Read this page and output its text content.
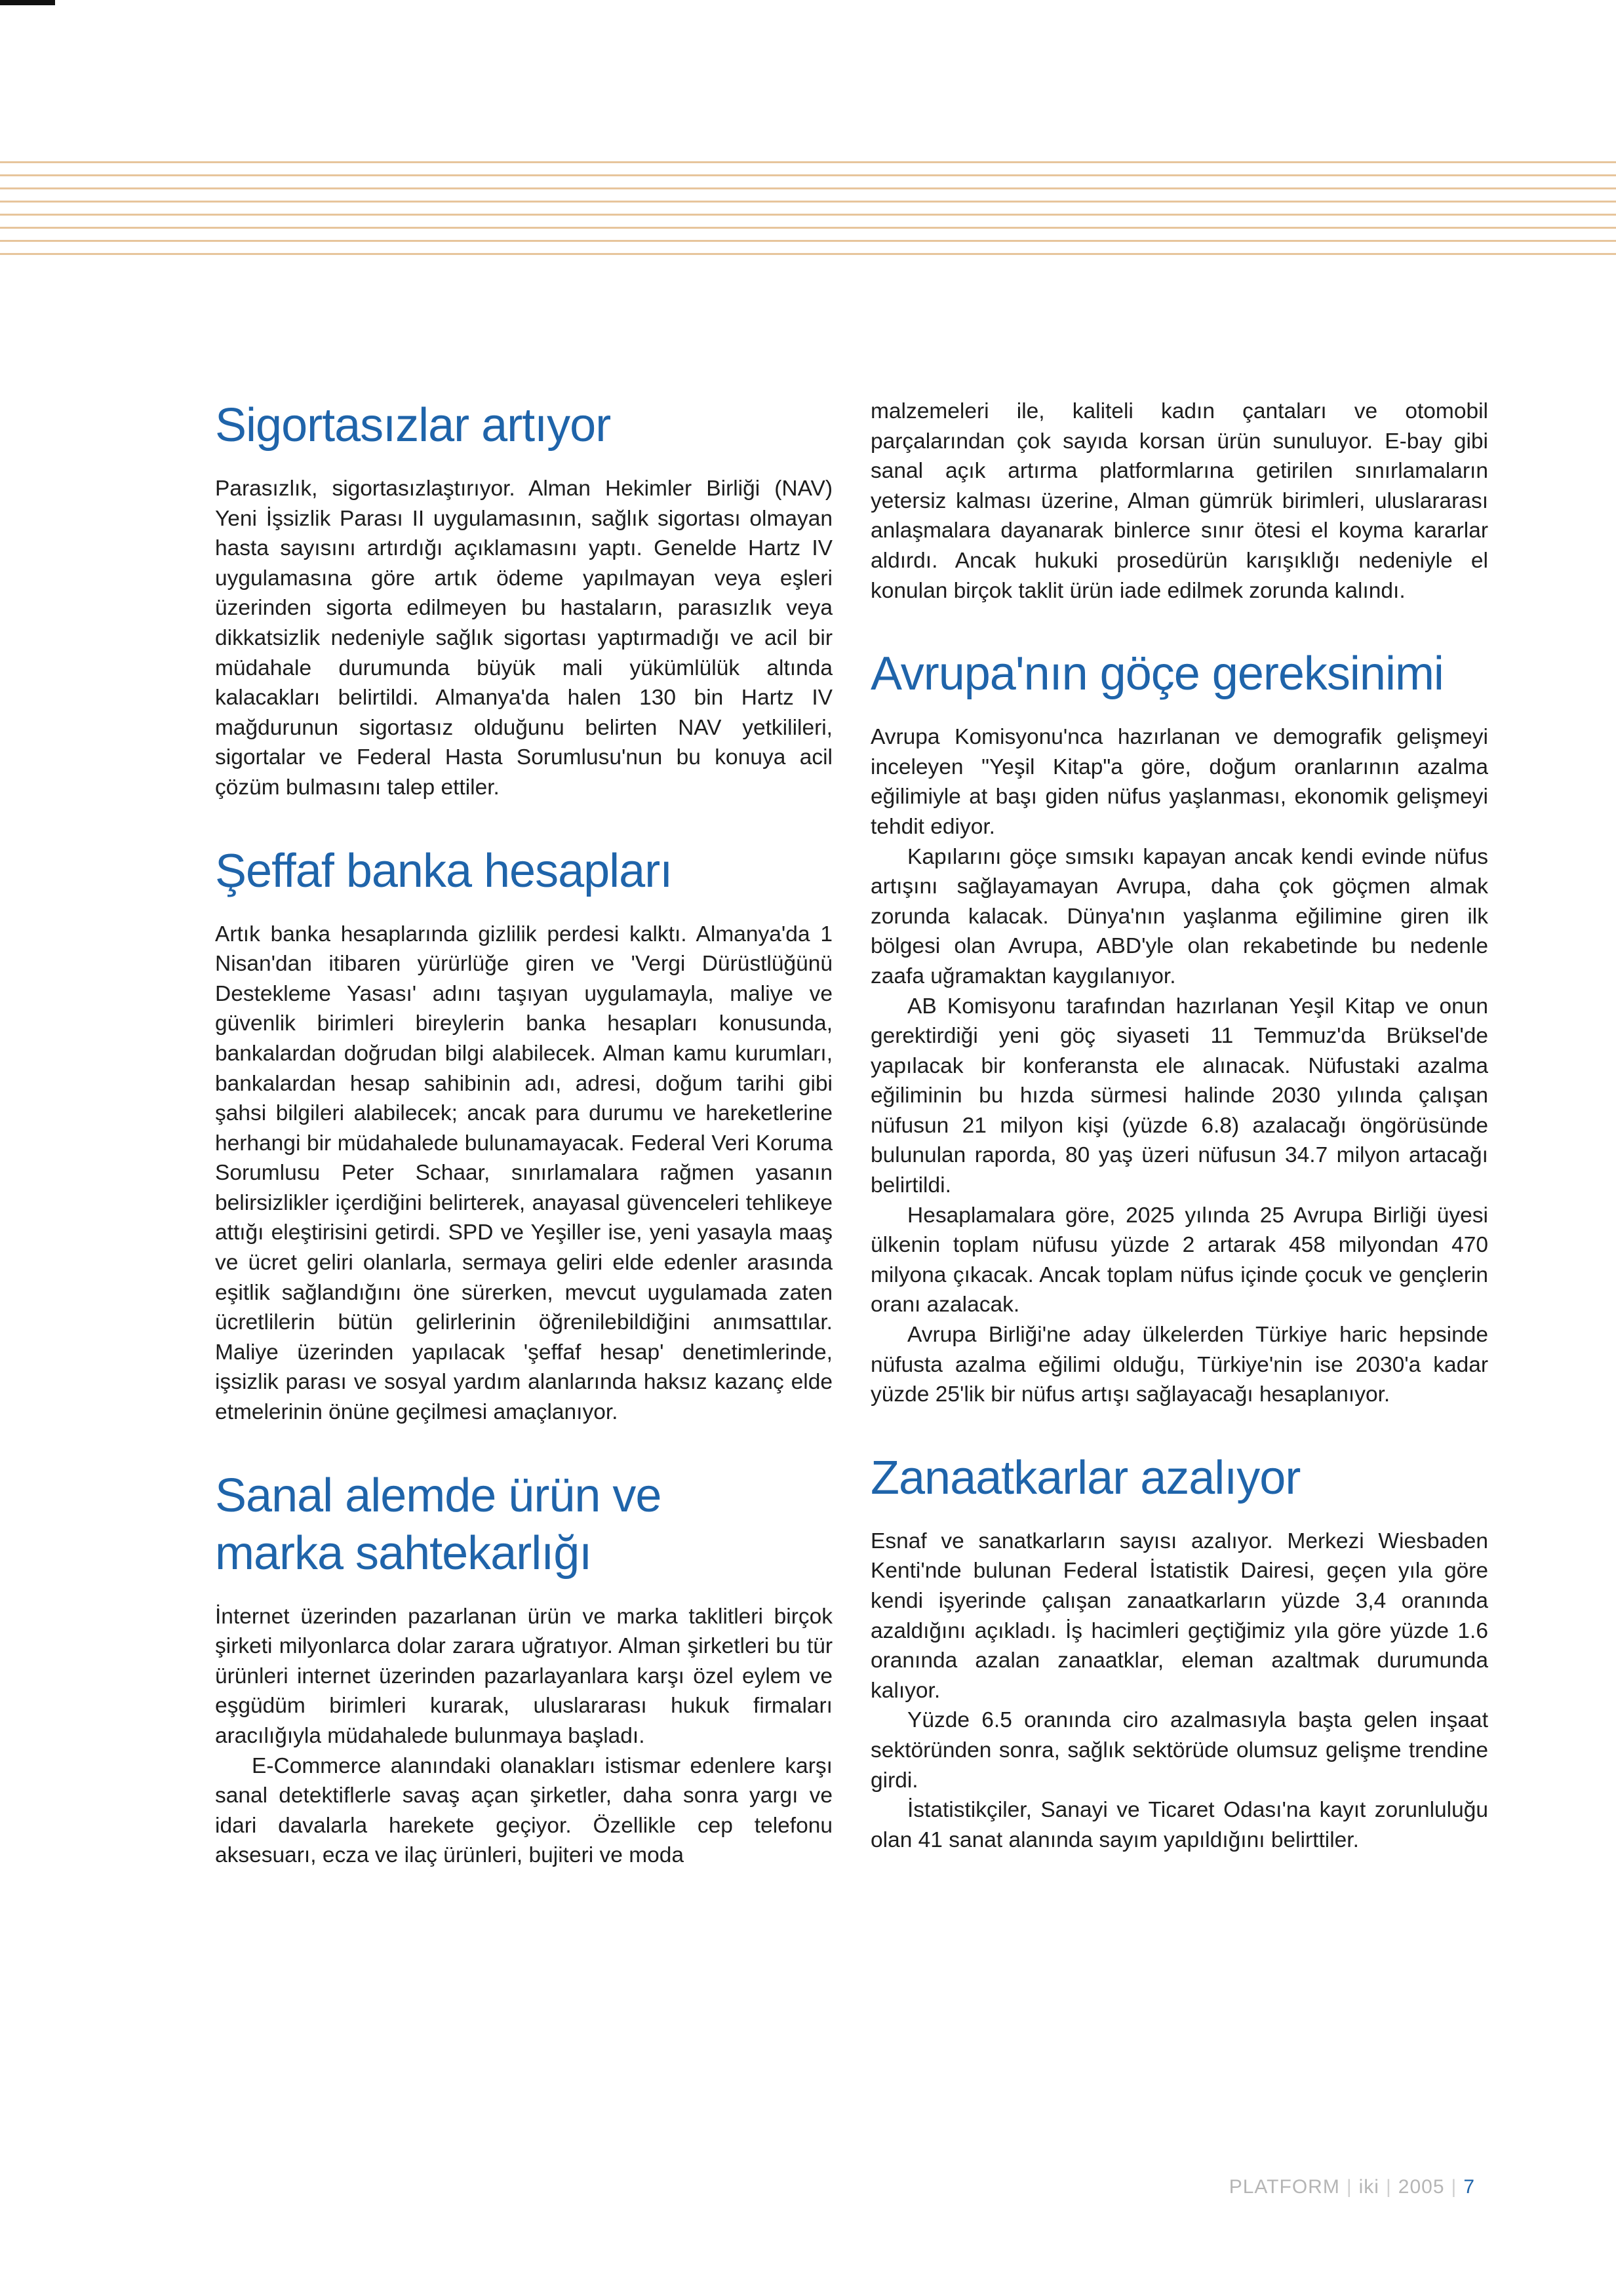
Sigortasızlar artıyor

Parasızlık, sigortasızlaştırıyor. Alman Hekimler Birliği (NAV) Yeni İşsizlik Parası II uygulamasının, sağlık sigortası olmayan hasta sayısını artırdığı açıklamasını yaptı. Genelde Hartz IV uygulamasına göre artık ödeme yapılmayan veya eşleri üzerinden sigorta edilmeyen bu hastaların, parasızlık veya dikkatsizlik nedeniyle sağlık sigortası yaptırmadığı ve acil bir müdahale durumunda büyük mali yükümlülük altında kalacakları belirtildi. Almanya'da halen 130 bin Hartz IV mağdurunun sigortasız olduğunu belirten NAV yetkilileri, sigortalar ve Federal Hasta Sorumlusu'nun bu konuya acil çözüm bulmasını talep ettiler.

Şeffaf banka hesapları

Artık banka hesaplarında gizlilik perdesi kalktı. Almanya'da 1 Nisan'dan itibaren yürürlüğe giren ve 'Vergi Dürüstlüğünü Destekleme Yasası' adını taşıyan uygulamayla, maliye ve güvenlik birimleri bireylerin banka hesapları konusunda, bankalardan doğrudan bilgi alabilecek. Alman kamu kurumları, bankalardan hesap sahibinin adı, adresi, doğum tarihi gibi şahsi bilgileri alabilecek; ancak para durumu ve hareketlerine herhangi bir müdahalede bulunamayacak. Federal Veri Koruma Sorumlusu Peter Schaar, sınırlamalara rağmen yasanın belirsizlikler içerdiğini belirterek, anayasal güvenceleri tehlikeye attığı eleştirisini getirdi. SPD ve Yeşiller ise, yeni yasayla maaş ve ücret geliri olanlarla, sermaya geliri elde edenler arasında eşitlik sağlandığını öne sürerken, mevcut uygulamada zaten ücretlilerin bütün gelirlerinin öğrenilebildiğini anımsattılar. Maliye üzerinden yapılacak 'şeffaf hesap' denetimlerinde, işsizlik parası ve sosyal yardım alanlarında haksız kazanç elde etmelerinin önüne geçilmesi amaçlanıyor.

Sanal alemde ürün ve
marka sahtekarlığı

İnternet üzerinden pazarlanan ürün ve marka taklitleri birçok şirketi milyonlarca dolar zarara uğratıyor. Alman şirketleri bu tür ürünleri internet üzerinden pazarlayanlara karşı özel eylem ve eşgüdüm birimleri kurarak, uluslararası hukuk firmaları aracılığıyla müdahalede bulunmaya başladı.

E-Commerce alanındaki olanakları istismar edenlere karşı sanal detektiflerle savaş açan şirketler, daha sonra yargı ve idari davalarla harekete geçiyor. Özellikle cep telefonu aksesuarı, ecza ve ilaç ürünleri, bujiteri ve moda

malzemeleri ile, kaliteli kadın çantaları ve otomobil parçalarından çok sayıda korsan ürün sunuluyor. E-bay gibi sanal açık artırma platformlarına getirilen sınırlamaların yetersiz kalması üzerine, Alman gümrük birimleri, uluslararası anlaşmalara dayanarak binlerce sınır ötesi el koyma kararlar aldırdı. Ancak hukuki prosedürün karışıklığı nedeniyle el konulan birçok taklit ürün iade edilmek zorunda kalındı.

Avrupa'nın göçe gereksinimi

Avrupa Komisyonu'nca hazırlanan ve demografik gelişmeyi inceleyen "Yeşil Kitap"a göre, doğum oranlarının azalma eğilimiyle at başı giden nüfus yaşlanması, ekonomik gelişmeyi tehdit ediyor.

Kapılarını göçe sımsıkı kapayan ancak kendi evinde nüfus artışını sağlayamayan Avrupa, daha çok göçmen almak zorunda kalacak. Dünya'nın yaşlanma eğilimine giren ilk bölgesi olan Avrupa, ABD'yle olan rekabetinde bu nedenle zaafa uğramaktan kaygılanıyor.

AB Komisyonu tarafından hazırlanan Yeşil Kitap ve onun gerektirdiği yeni göç siyaseti 11 Temmuz'da Brüksel'de yapılacak bir konferansta ele alınacak. Nüfustaki azalma eğiliminin bu hızda sürmesi halinde 2030 yılında çalışan nüfusun 21 milyon kişi (yüzde 6.8) azalacağı öngörüsünde bulunulan raporda, 80 yaş üzeri nüfusun 34.7 milyon artacağı belirtildi.

Hesaplamalara göre, 2025 yılında 25 Avrupa Birliği üyesi ülkenin toplam nüfusu yüzde 2 artarak 458 milyondan 470 milyona çıkacak. Ancak toplam nüfus içinde çocuk ve gençlerin oranı azalacak.

Avrupa Birliği'ne aday ülkelerden Türkiye haric hepsinde nüfusta azalma eğilimi olduğu, Türkiye'nin ise 2030'a kadar yüzde 25'lik bir nüfus artışı sağlayacağı hesaplanıyor.

Zanaatkarlar azalıyor

Esnaf ve sanatkarların sayısı azalıyor. Merkezi Wiesbaden Kenti'nde bulunan Federal İstatistik Dairesi, geçen yıla göre kendi işyerinde çalışan zanaatkarların yüzde 3,4 oranında azaldığını açıkladı. İş hacimleri geçtiğimiz yıla göre yüzde 1.6 oranında azalan zanaatklar, eleman azaltmak durumunda kalıyor.

Yüzde 6.5 oranında ciro azalmasıyla başta gelen inşaat sektöründen sonra, sağlık sektörüde olumsuz gelişme trendine girdi.

İstatistikçiler, Sanayi ve Ticaret Odası'na kayıt zorunluluğu olan 41 sanat alanında sayım yapıldığını belirttiler.

PLATFORM | iki | 2005 | 7
